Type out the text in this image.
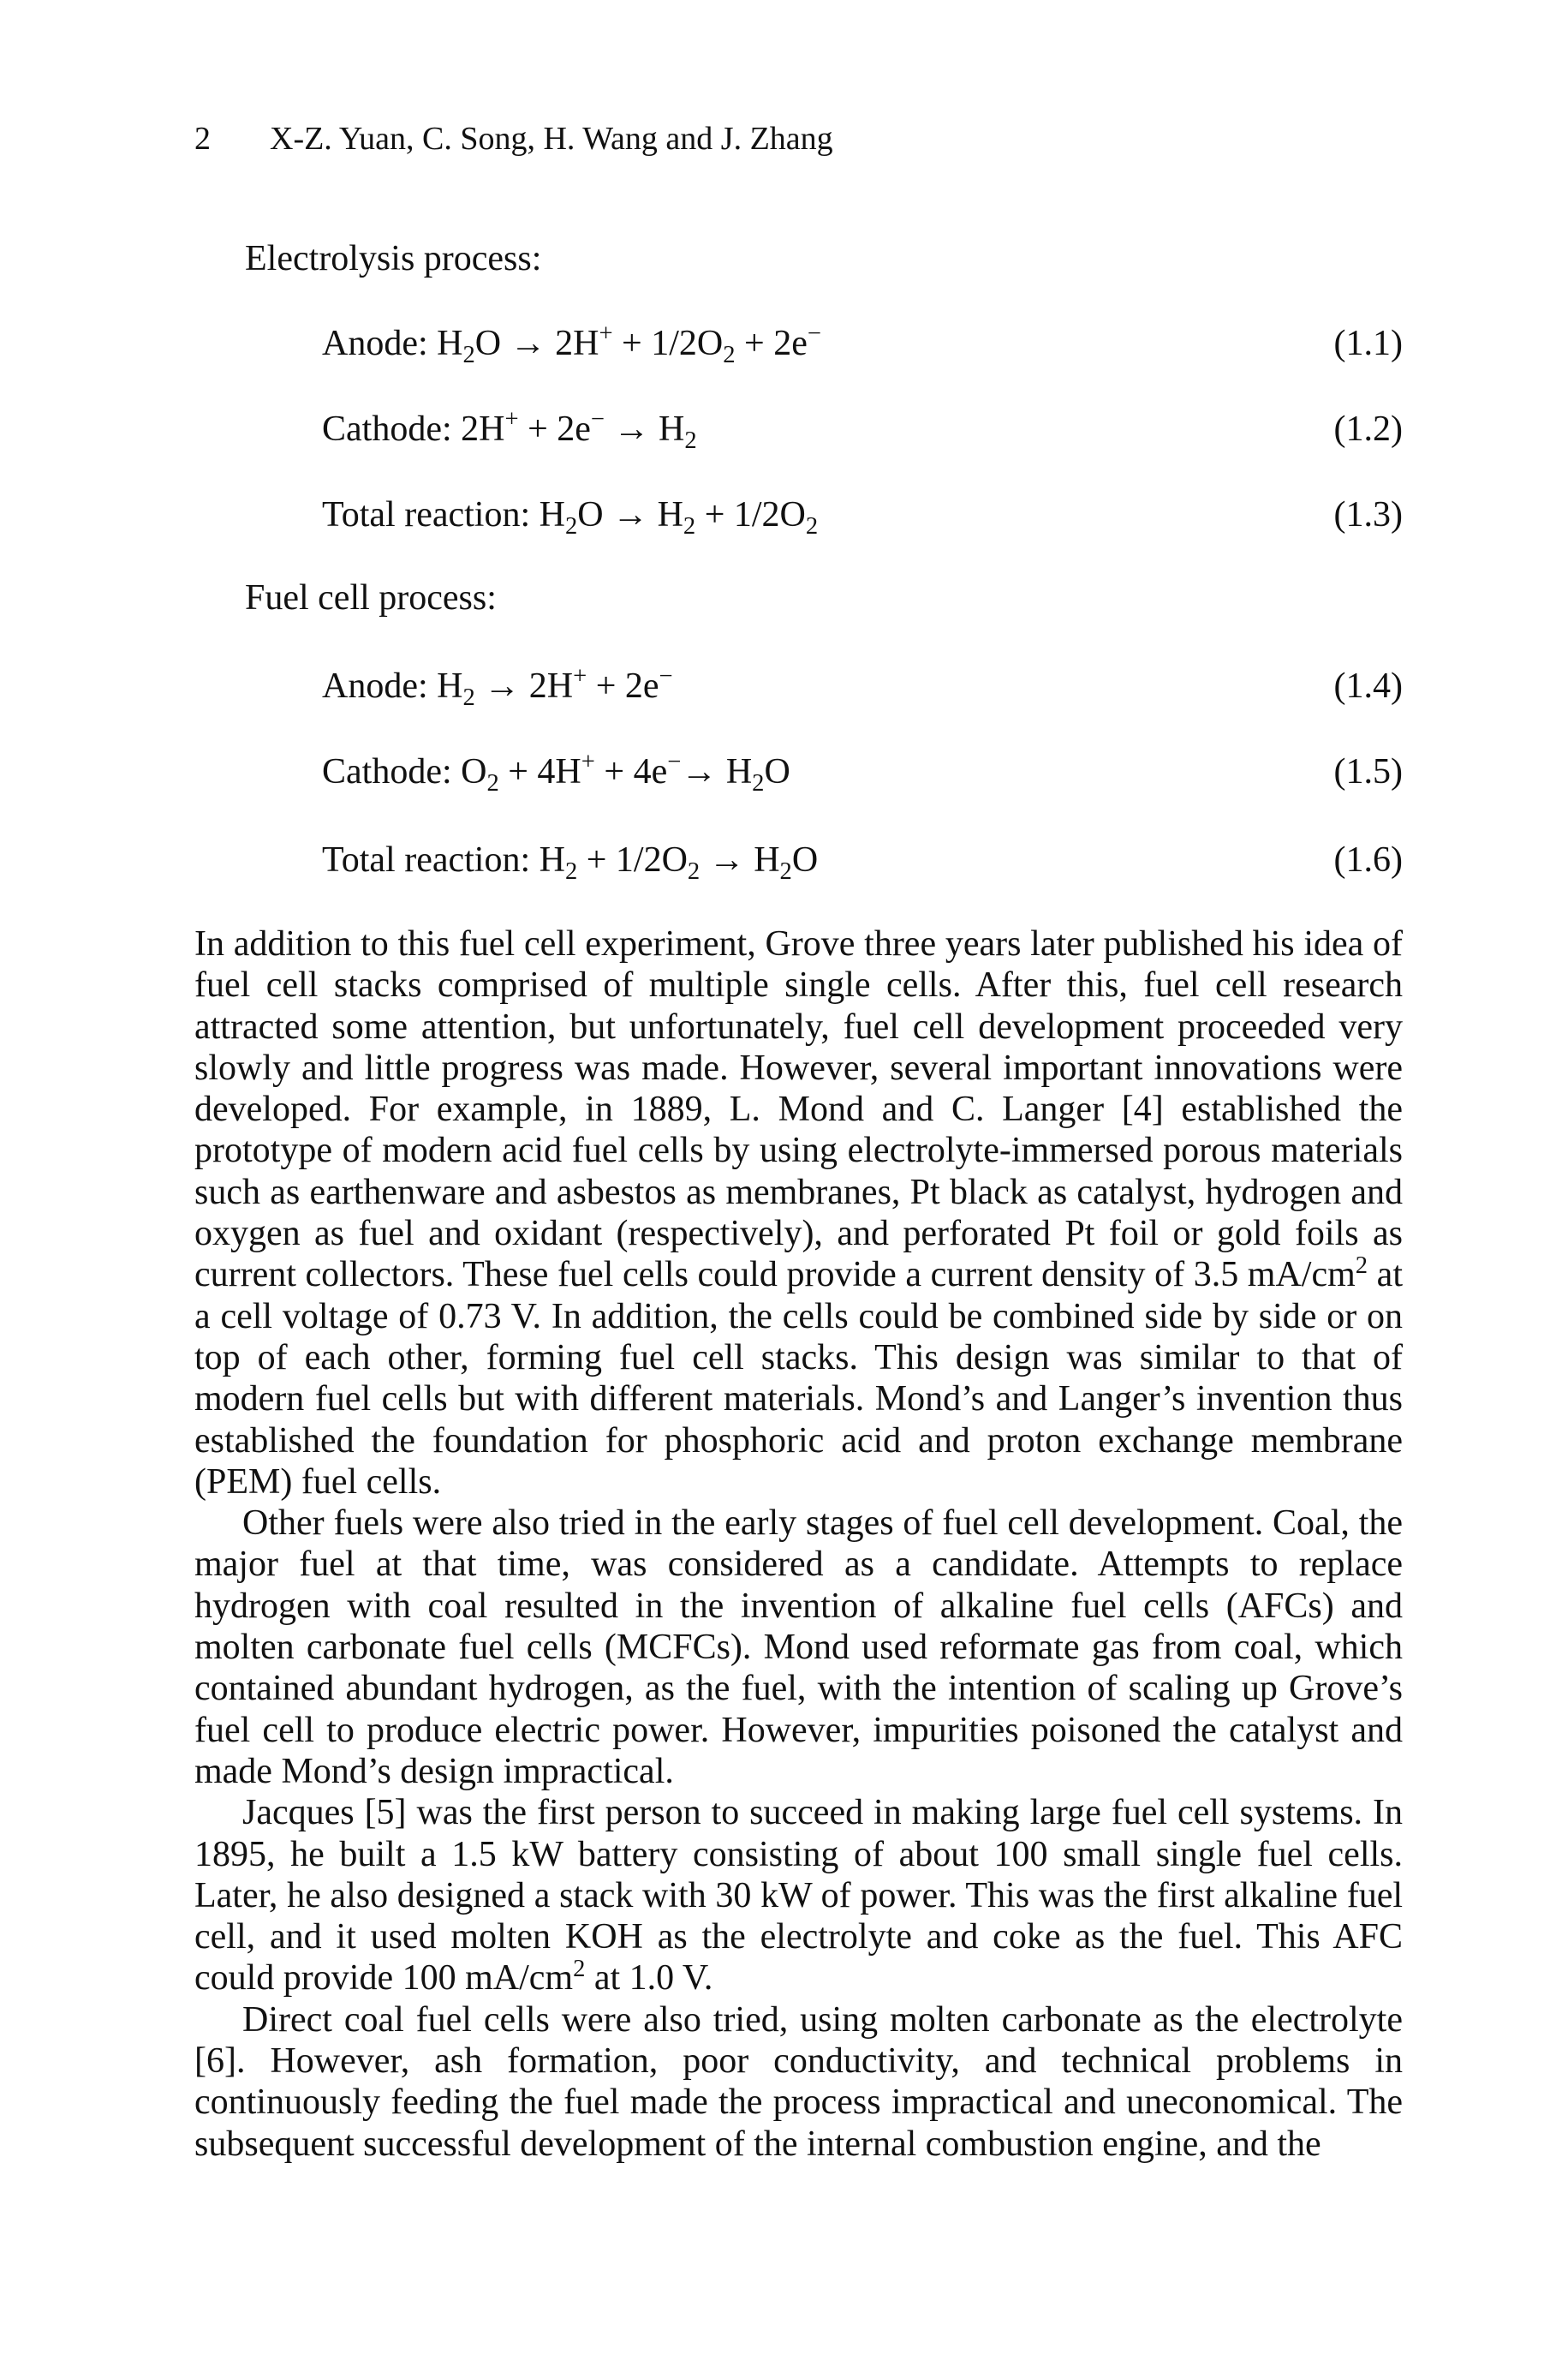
2 X-Z. Yuan, C. Song, H. Wang and J. Zhang
Electrolysis process:
Anode: $H_2O \to 2H^+ + 1/2O_2 + 2e^-$	(1.1)
Cathode: $2H^+ + 2e^- \to H_2$	(1.2)
Total reaction: $H_2O \to H_2 + 1/2O_2$	(1.3)
Fuel cell process:
Anode: $H_2 \to 2H^+ + 2e^-$	(1.4)
Cathode: $O_2 + 4H^+ + 4e^-\to H_2O$	(1.5)
Total reaction: $H_2 + 1/2O_2 \to H_2O$	(1.6)

In addition to this fuel cell experiment, Grove three years later published his idea of fuel cell stacks comprised of multiple single cells. After this, fuel cell research attracted some attention, but unfortunately, fuel cell development proceeded very slowly and little progress was made. However, several important innovations were developed. For example, in 1889, L. Mond and C. Langer [4] established the prototype of modern acid fuel cells by using electrolyte-immersed porous materials such as earthenware and asbestos as membranes, Pt black as catalyst, hydrogen and oxygen as fuel and oxidant (respectively), and perforated Pt foil or gold foils as current collectors. These fuel cells could provide a current density of 3.5 $mA/cm^2$ at a cell voltage of 0.73 V. In addition, the cells could be combined side by side or on top of each other, forming fuel cell stacks. This design was similar to that of modern fuel cells but with different materials. Mond’s and Langer’s invention thus established the foundation for phosphoric acid and proton exchange membrane (PEM) fuel cells.

Other fuels were also tried in the early stages of fuel cell development. Coal, the major fuel at that time, was considered as a candidate. Attempts to replace hydrogen with coal resulted in the invention of alkaline fuel cells (AFCs) and molten carbonate fuel cells (MCFCs). Mond used reformate gas from coal, which contained abundant hydrogen, as the fuel, with the intention of scaling up Grove’s fuel cell to produce electric power. However, impurities poisoned the catalyst and made Mond’s design impractical.

Jacques [5] was the first person to succeed in making large fuel cell systems. In 1895, he built a 1.5 kW battery consisting of about 100 small single fuel cells. Later, he also designed a stack with 30 kW of power. This was the first alkaline fuel cell, and it used molten KOH as the electrolyte and coke as the fuel. This AFC could provide 100 $mA/cm^2$ at 1.0 V.

Direct coal fuel cells were also tried, using molten carbonate as the electrolyte [6]. However, ash formation, poor conductivity, and technical problems in continuously feeding the fuel made the process impractical and uneconomical. The subsequent successful development of the internal combustion engine, and the
